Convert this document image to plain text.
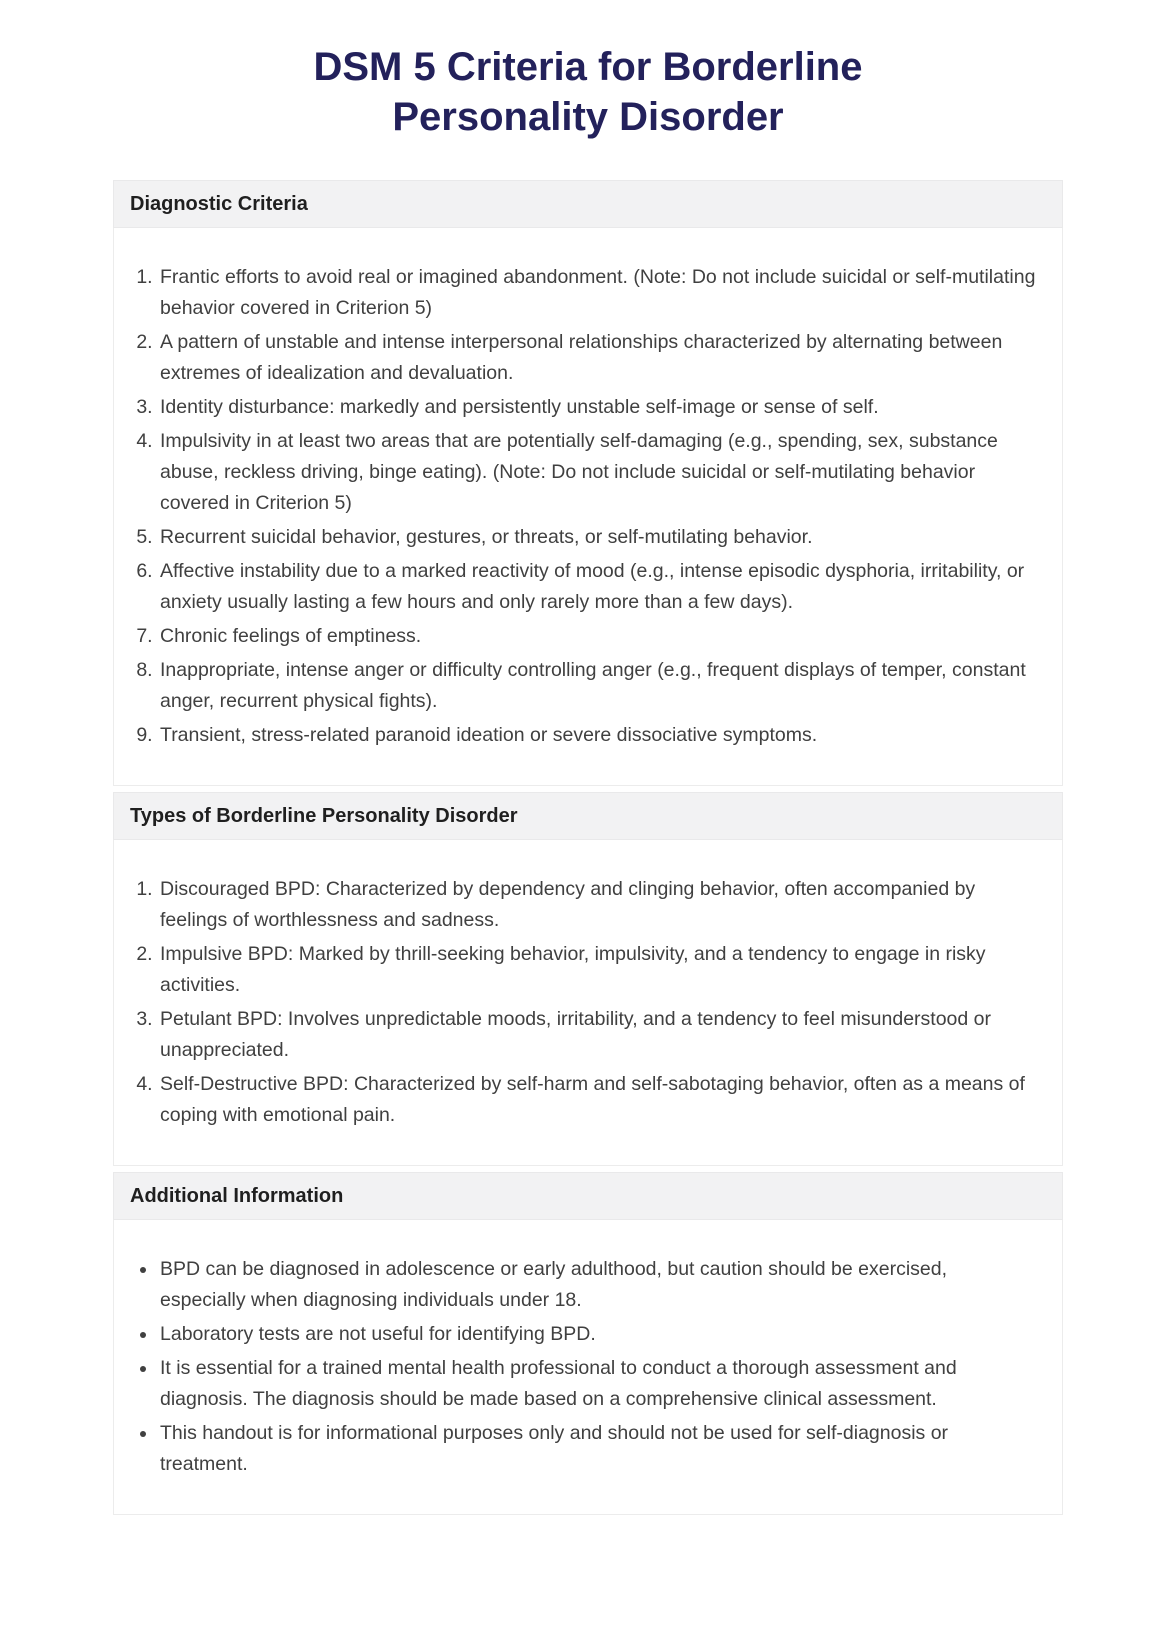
DSM 5 Criteria for Borderline
Personality Disorder
Diagnostic Criteria
1. Frantic efforts to avoid real or imagined abandonment. (Note: Do not include suicidal or self-mutilating behavior covered in Criterion 5)
2. A pattern of unstable and intense interpersonal relationships characterized by alternating between extremes of idealization and devaluation.
3. Identity disturbance: markedly and persistently unstable self-image or sense of self.
4. Impulsivity in at least two areas that are potentially self-damaging (e.g., spending, sex, substance abuse, reckless driving, binge eating). (Note: Do not include suicidal or self-mutilating behavior covered in Criterion 5)
5. Recurrent suicidal behavior, gestures, or threats, or self-mutilating behavior.
6. Affective instability due to a marked reactivity of mood (e.g., intense episodic dysphoria, irritability, or anxiety usually lasting a few hours and only rarely more than a few days).
7. Chronic feelings of emptiness.
8. Inappropriate, intense anger or difficulty controlling anger (e.g., frequent displays of temper, constant anger, recurrent physical fights).
9. Transient, stress-related paranoid ideation or severe dissociative symptoms.
Types of Borderline Personality Disorder
1. Discouraged BPD: Characterized by dependency and clinging behavior, often accompanied by feelings of worthlessness and sadness.
2. Impulsive BPD: Marked by thrill-seeking behavior, impulsivity, and a tendency to engage in risky activities.
3. Petulant BPD: Involves unpredictable moods, irritability, and a tendency to feel misunderstood or unappreciated.
4. Self-Destructive BPD: Characterized by self-harm and self-sabotaging behavior, often as a means of coping with emotional pain.
Additional Information
• BPD can be diagnosed in adolescence or early adulthood, but caution should be exercised, especially when diagnosing individuals under 18.
• Laboratory tests are not useful for identifying BPD.
• It is essential for a trained mental health professional to conduct a thorough assessment and diagnosis. The diagnosis should be made based on a comprehensive clinical assessment.
• This handout is for informational purposes only and should not be used for self-diagnosis or treatment.
